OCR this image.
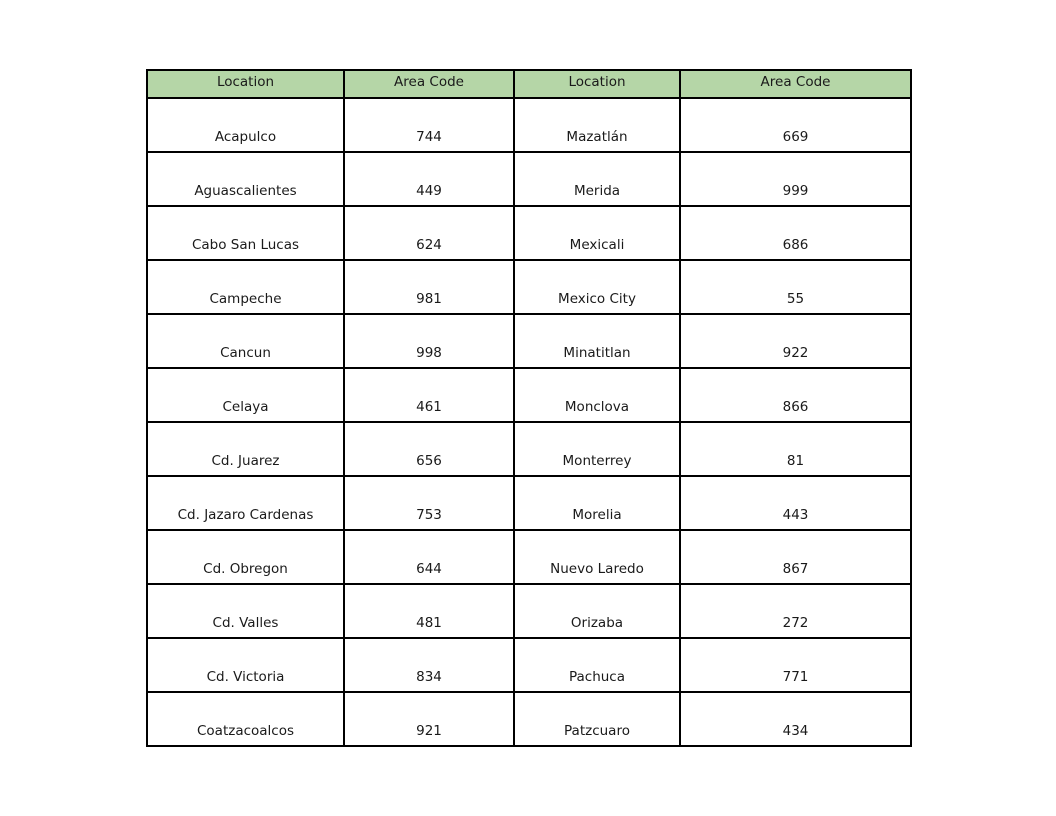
Location	Area Code	Location	Area Code
Acapulco	744	Mazatlán	669
Aguascalientes	449	Merida	999
Cabo San Lucas	624	Mexicali	686
Campeche	981	Mexico City	55
Cancun	998	Minatitlan	922
Celaya	461	Monclova	866
Cd. Juarez	656	Monterrey	81
Cd. Jazaro Cardenas	753	Morelia	443
Cd. Obregon	644	Nuevo Laredo	867
Cd. Valles	481	Orizaba	272
Cd. Victoria	834	Pachuca	771
Coatzacoalcos	921	Patzcuaro	434
